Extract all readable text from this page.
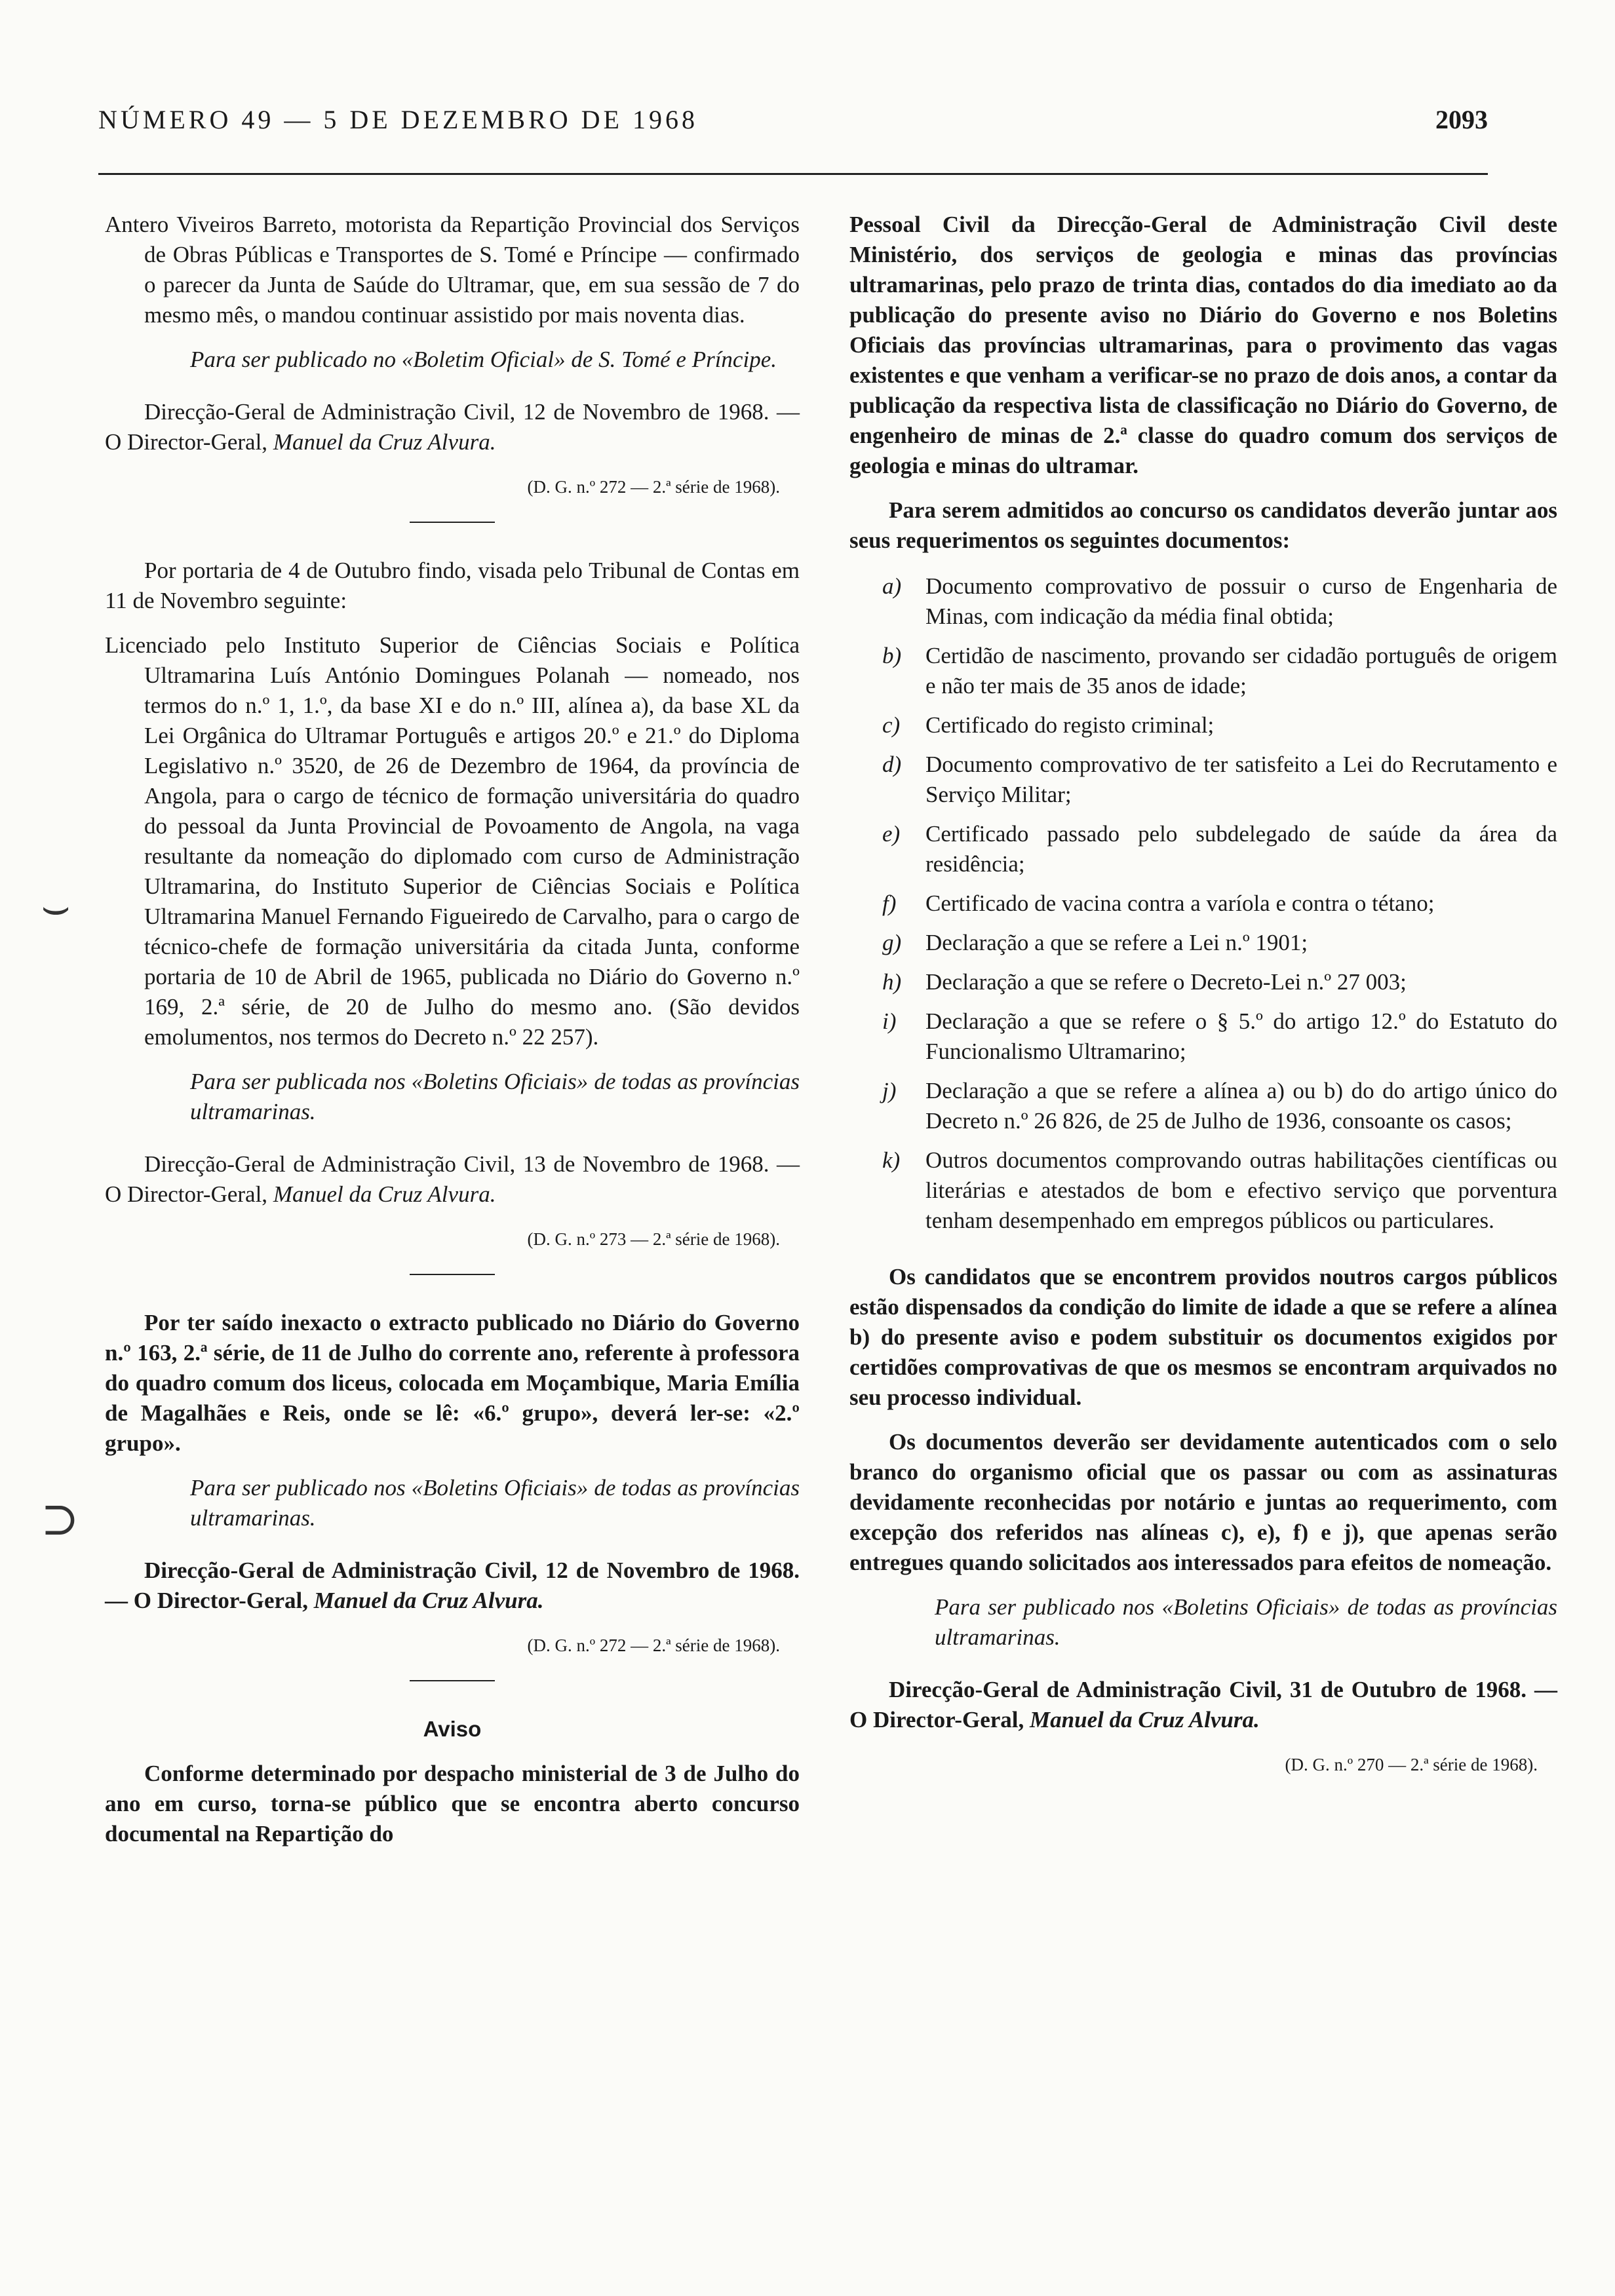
NÚMERO 49 — 5 DE DEZEMBRO DE 1968	2093
⌣
⊃

Antero Viveiros Barreto, motorista da Repartição Provincial dos Serviços de Obras Públicas e Transportes de S. Tomé e Príncipe — confirmado o parecer da Junta de Saúde do Ultramar, que, em sua sessão de 7 do mesmo mês, o mandou continuar assistido por mais noventa dias.

Para ser publicado no «Boletim Oficial» de S. Tomé e Príncipe.

Direcção-Geral de Administração Civil, 12 de Novembro de 1968. — O Director-Geral, Manuel da Cruz Alvura.

(D. G. n.º 272 — 2.ª série de 1968).

Por portaria de 4 de Outubro findo, visada pelo Tribunal de Contas em 11 de Novembro seguinte:

Licenciado pelo Instituto Superior de Ciências Sociais e Política Ultramarina Luís António Domingues Polanah — nomeado, nos termos do n.º 1, 1.º, da base XI e do n.º III, alínea a), da base XL da Lei Orgânica do Ultramar Português e artigos 20.º e 21.º do Diploma Legislativo n.º 3520, de 26 de Dezembro de 1964, da província de Angola, para o cargo de técnico de formação universitária do quadro do pessoal da Junta Provincial de Povoamento de Angola, na vaga resultante da nomeação do diplomado com curso de Administração Ultramarina, do Instituto Superior de Ciências Sociais e Política Ultramarina Manuel Fernando Figueiredo de Carvalho, para o cargo de técnico-chefe de formação universitária da citada Junta, conforme portaria de 10 de Abril de 1965, publicada no Diário do Governo n.º 169, 2.ª série, de 20 de Julho do mesmo ano. (São devidos emolumentos, nos termos do Decreto n.º 22 257).

Para ser publicada nos «Boletins Oficiais» de todas as províncias ultramarinas.

Direcção-Geral de Administração Civil, 13 de Novembro de 1968. — O Director-Geral, Manuel da Cruz Alvura.

(D. G. n.º 273 — 2.ª série de 1968).

Por ter saído inexacto o extracto publicado no Diário do Governo n.º 163, 2.ª série, de 11 de Julho do corrente ano, referente à professora do quadro comum dos liceus, colocada em Moçambique, Maria Emília de Magalhães e Reis, onde se lê: «6.º grupo», deverá ler-se: «2.º grupo».

Para ser publicado nos «Boletins Oficiais» de todas as províncias ultramarinas.

Direcção-Geral de Administração Civil, 12 de Novembro de 1968. — O Director-Geral, Manuel da Cruz Alvura.

(D. G. n.º 272 — 2.ª série de 1968).

Aviso

Conforme determinado por despacho ministerial de 3 de Julho do ano em curso, torna-se público que se encontra aberto concurso documental na Repartição do

Pessoal Civil da Direcção-Geral de Administração Civil deste Ministério, dos serviços de geologia e minas das províncias ultramarinas, pelo prazo de trinta dias, contados do dia imediato ao da publicação do presente aviso no Diário do Governo e nos Boletins Oficiais das províncias ultramarinas, para o provimento das vagas existentes e que venham a verificar-se no prazo de dois anos, a contar da publicação da respectiva lista de classificação no Diário do Governo, de engenheiro de minas de 2.ª classe do quadro comum dos serviços de geologia e minas do ultramar.

Para serem admitidos ao concurso os candidatos deverão juntar aos seus requerimentos os seguintes documentos:

a) Documento comprovativo de possuir o curso de Engenharia de Minas, com indicação da média final obtida;
b) Certidão de nascimento, provando ser cidadão português de origem e não ter mais de 35 anos de idade;
c) Certificado do registo criminal;
d) Documento comprovativo de ter satisfeito a Lei do Recrutamento e Serviço Militar;
e) Certificado passado pelo subdelegado de saúde da área da residência;
f) Certificado de vacina contra a varíola e contra o tétano;
g) Declaração a que se refere a Lei n.º 1901;
h) Declaração a que se refere o Decreto-Lei n.º 27 003;
i) Declaração a que se refere o § 5.º do artigo 12.º do Estatuto do Funcionalismo Ultramarino;
j) Declaração a que se refere a alínea a) ou b) do do artigo único do Decreto n.º 26 826, de 25 de Julho de 1936, consoante os casos;
k) Outros documentos comprovando outras habilitações científicas ou literárias e atestados de bom e efectivo serviço que porventura tenham desempenhado em empregos públicos ou particulares.

Os candidatos que se encontrem providos noutros cargos públicos estão dispensados da condição do limite de idade a que se refere a alínea b) do presente aviso e podem substituir os documentos exigidos por certidões comprovativas de que os mesmos se encontram arquivados no seu processo individual.

Os documentos deverão ser devidamente autenticados com o selo branco do organismo oficial que os passar ou com as assinaturas devidamente reconhecidas por notário e juntas ao requerimento, com excepção dos referidos nas alíneas c), e), f) e j), que apenas serão entregues quando solicitados aos interessados para efeitos de nomeação.

Para ser publicado nos «Boletins Oficiais» de todas as províncias ultramarinas.

Direcção-Geral de Administração Civil, 31 de Outubro de 1968. — O Director-Geral, Manuel da Cruz Alvura.

(D. G. n.º 270 — 2.ª série de 1968).
